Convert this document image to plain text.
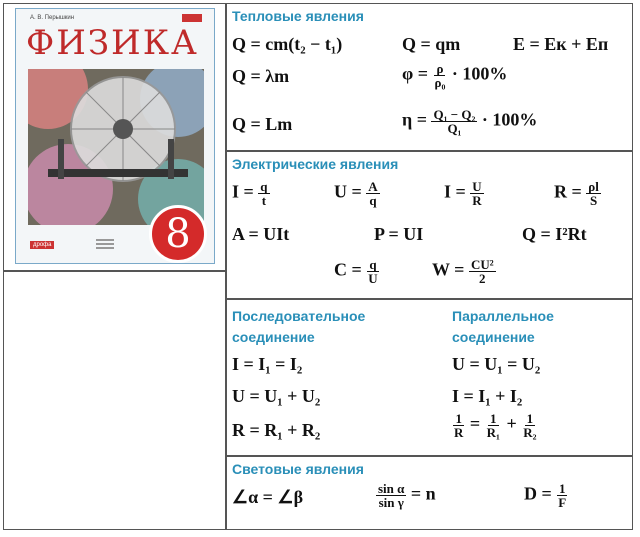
А. В. Перышкин
ФИЗИКА
8
дрофа
Тепловые явления
Q = cm(t₂ − t₁)	Q = qm	E = Eк + Eп
Q = λm	$\varphi = \frac{\rho}{\text{ρ₀}} \cdot 100\%$
Q = Lm	$\eta = \frac{\text{Q₁ − Q₂}}{\text{Q₁}} \cdot 100\%$
Электрические явления
$I = \frac{q}{t}$	$U = \frac{A}{q}$	$I = \frac{U}{R}$	$R = \frac{\rho l}{S}$
A = UIt	P = UI	Q = I²Rt
$C = \frac{q}{U}$	$W = \frac{\text{CU²}}{2}$
Последовательное
соединение
I = I₁ = I₂
U = U₁ + U₂
R = R₁ + R₂
Параллельное
соединение
U = U₁ = U₂
I = I₁ + I₂
$\frac{1}{R} = \frac{1}{\text{R₁}} + \frac{1}{\text{R₂}}$
Световые явления
∠α = ∠β	$\frac{\text{sin α}}{\text{sin γ}} = n$	$D = \frac{1}{F}$
